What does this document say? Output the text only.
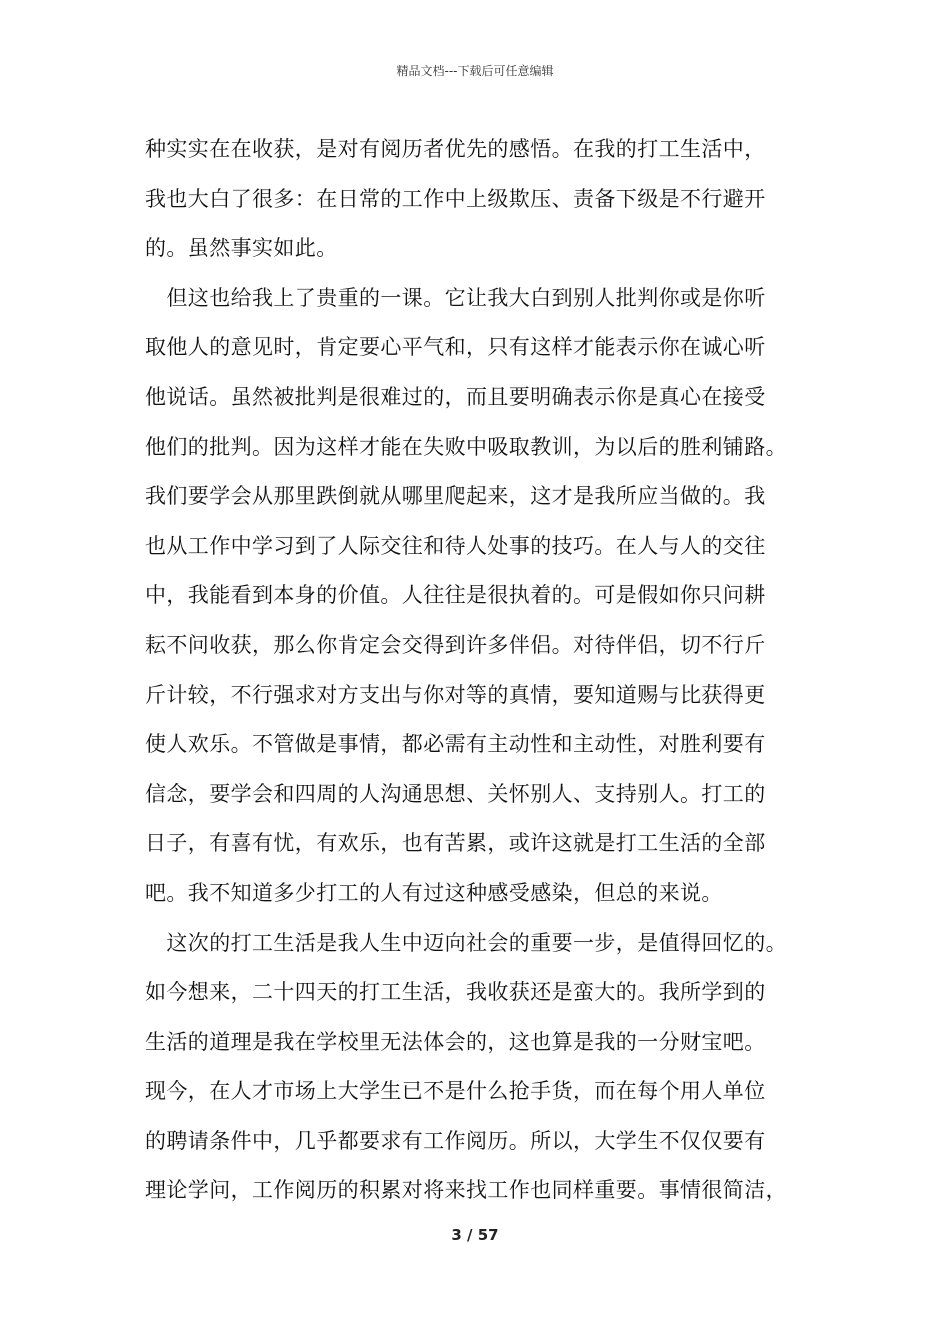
精品文档---下载后可任意编辑
种实实在在收获，是对有阅历者优先的感悟。在我的打工生活中，
我也大白了很多：在日常的工作中上级欺压、责备下级是不行避开
的。虽然事实如此。
　但这也给我上了贵重的一课。它让我大白到别人批判你或是你听
取他人的意见时，肯定要心平气和，只有这样才能表示你在诚心听
他说话。虽然被批判是很难过的，而且要明确表示你是真心在接受
他们的批判。因为这样才能在失败中吸取教训，为以后的胜利铺路。
我们要学会从那里跌倒就从哪里爬起来，这才是我所应当做的。我
也从工作中学习到了人际交往和待人处事的技巧。在人与人的交往
中，我能看到本身的价值。人往往是很执着的。可是假如你只问耕
耘不问收获，那么你肯定会交得到许多伴侣。对待伴侣，切不行斤
斤计较，不行强求对方支出与你对等的真情，要知道赐与比获得更
使人欢乐。不管做是事情，都必需有主动性和主动性，对胜利要有
信念，要学会和四周的人沟通思想、关怀别人、支持别人。打工的
日子，有喜有忧，有欢乐，也有苦累，或许这就是打工生活的全部
吧。我不知道多少打工的人有过这种感受感染，但总的来说。
　这次的打工生活是我人生中迈向社会的重要一步，是值得回忆的。
如今想来，二十四天的打工生活，我收获还是蛮大的。我所学到的
生活的道理是我在学校里无法体会的，这也算是我的一分财宝吧。
现今，在人才市场上大学生已不是什么抢手货，而在每个用人单位
的聘请条件中，几乎都要求有工作阅历。所以，大学生不仅仅要有
理论学问，工作阅历的积累对将来找工作也同样重要。事情很简洁，
3 / 57
